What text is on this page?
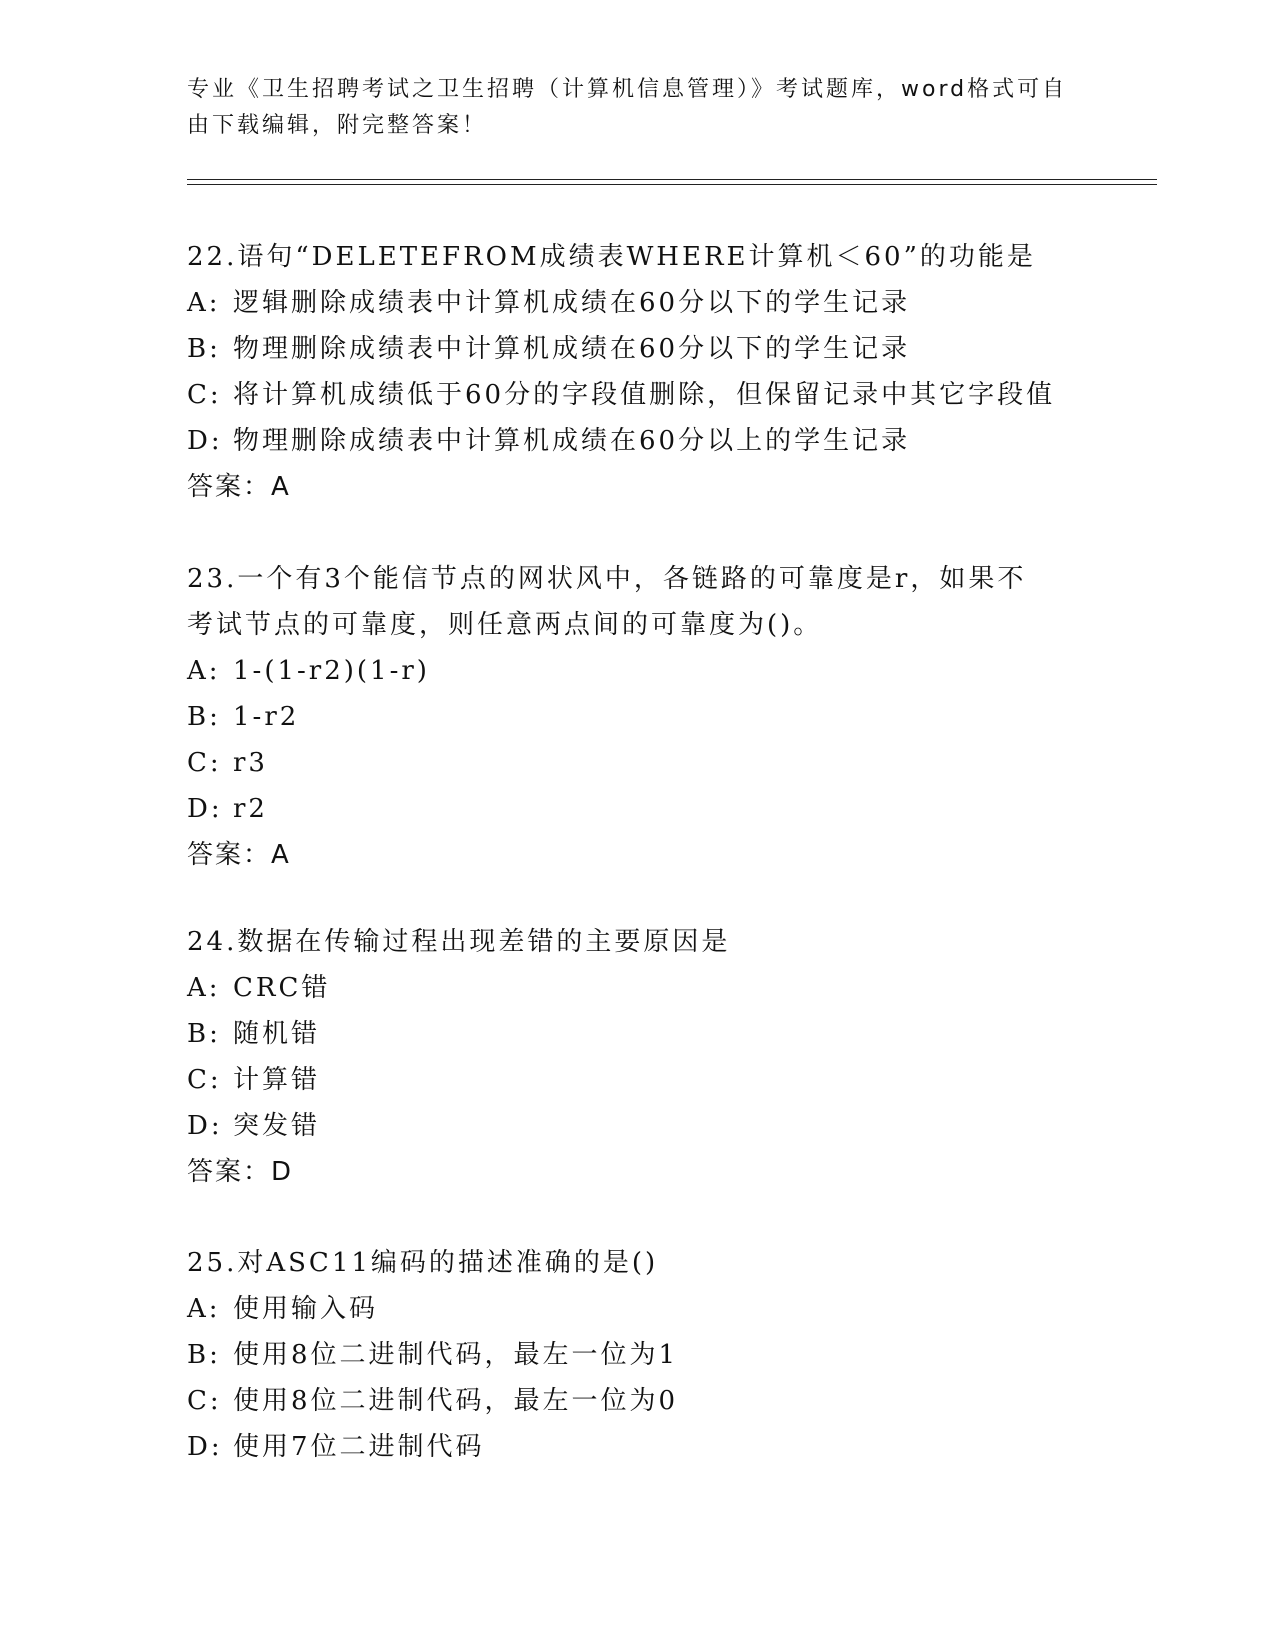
专业《卫生招聘考试之卫生招聘（计算机信息管理）》考试题库，word格式可自由下载编辑，附完整答案！
22.语句“DELETEFROM成绩表WHERE计算机＜60”的功能是
A: 逻辑删除成绩表中计算机成绩在60分以下的学生记录
B: 物理删除成绩表中计算机成绩在60分以下的学生记录
C: 将计算机成绩低于60分的字段值删除，但保留记录中其它字段值
D: 物理删除成绩表中计算机成绩在60分以上的学生记录
答案：A
23.一个有3个能信节点的网状风中，各链路的可靠度是r，如果不考试节点的可靠度，则任意两点间的可靠度为()。
A: 1-(1-r2)(1-r)
B: 1-r2
C: r3
D: r2
答案：A
24.数据在传输过程出现差错的主要原因是
A: CRC错
B: 随机错
C: 计算错
D: 突发错
答案：D
25.对ASC11编码的描述准确的是()
A: 使用输入码
B: 使用8位二进制代码，最左一位为1
C: 使用8位二进制代码，最左一位为0
D: 使用7位二进制代码
